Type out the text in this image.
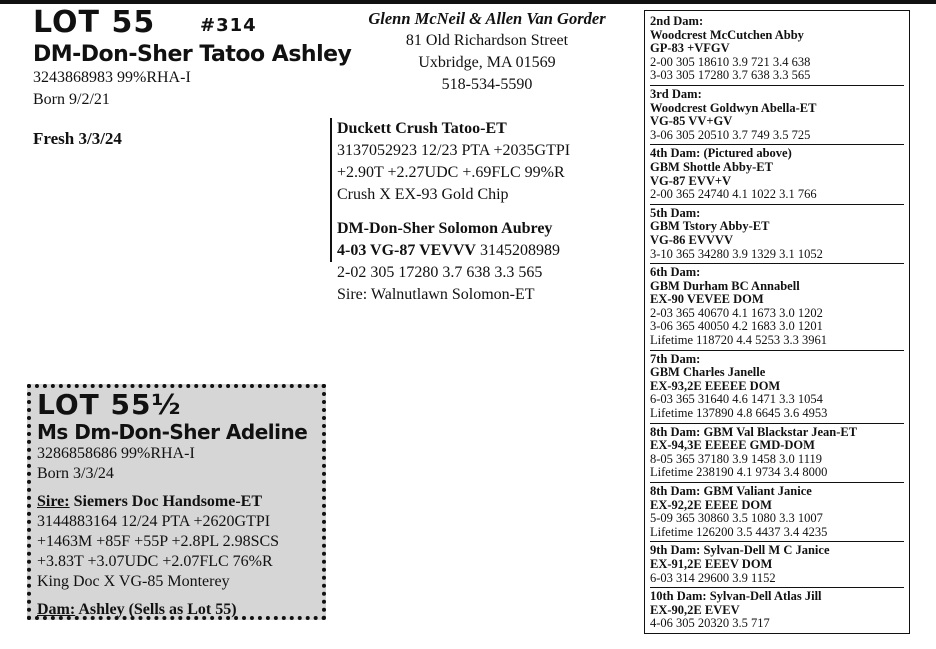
LOT 55 #314
DM-Don-Sher Tatoo Ashley
3243868983 99%RHA-I
Born 9/2/21
Fresh 3/3/24
Glenn McNeil & Allen Van Gorder
81 Old Richardson Street
Uxbridge, MA 01569
518-534-5590
Duckett Crush Tatoo-ET
3137052923 12/23 PTA +2035GTPI
+2.90T +2.27UDC +.69FLC 99%R
Crush X EX-93 Gold Chip
DM-Don-Sher Solomon Aubrey
4-03 VG-87 VEVVV 3145208989
2-02 305 17280 3.7 638 3.3 565
Sire: Walnutlawn Solomon-ET
2nd Dam:
Woodcrest McCutchen Abby
GP-83 +VFGV
2-00 305 18610 3.9 721 3.4 638
3-03 305 17280 3.7 638 3.3 565
3rd Dam:
Woodcrest Goldwyn Abella-ET
VG-85 VV+GV
3-06 305 20510 3.7 749 3.5 725
4th Dam: (Pictured above)
GBM Shottle Abby-ET
VG-87 EVV+V
2-00 365 24740 4.1 1022 3.1 766
5th Dam:
GBM Tstory Abby-ET
VG-86 EVVVV
3-10 365 34280 3.9 1329 3.1 1052
6th Dam:
GBM Durham BC Annabell
EX-90 VEVEE DOM
2-03 365 40670 4.1 1673 3.0 1202
3-06 365 40050 4.2 1683 3.0 1201
Lifetime 118720 4.4 5253 3.3 3961
7th Dam:
GBM Charles Janelle
EX-93,2E EEEEE DOM
6-03 365 31640 4.6 1471 3.3 1054
Lifetime 137890 4.8 6645 3.6 4953
8th Dam: GBM Val Blackstar Jean-ET
EX-94,3E EEEEE GMD-DOM
8-05 365 37180 3.9 1458 3.0 1119
Lifetime 238190 4.1 9734 3.4 8000
8th Dam: GBM Valiant Janice
EX-92,2E EEEE DOM
5-09 365 30860 3.5 1080 3.3 1007
Lifetime 126200 3.5 4437 3.4 4235
9th Dam: Sylvan-Dell M C Janice
EX-91,2E EEEV DOM
6-03 314 29600 3.9 1152
10th Dam: Sylvan-Dell Atlas Jill
EX-90,2E EVEV
4-06 305 20320 3.5 717
LOT 55½
Ms Dm-Don-Sher Adeline
3286858686 99%RHA-I
Born 3/3/24
Sire: Siemers Doc Handsome-ET
3144883164 12/24 PTA +2620GTPI
+1463M +85F +55P +2.8PL 2.98SCS
+3.83T +3.07UDC +2.07FLC 76%R
King Doc X VG-85 Monterey
Dam: Ashley (Sells as Lot 55)
